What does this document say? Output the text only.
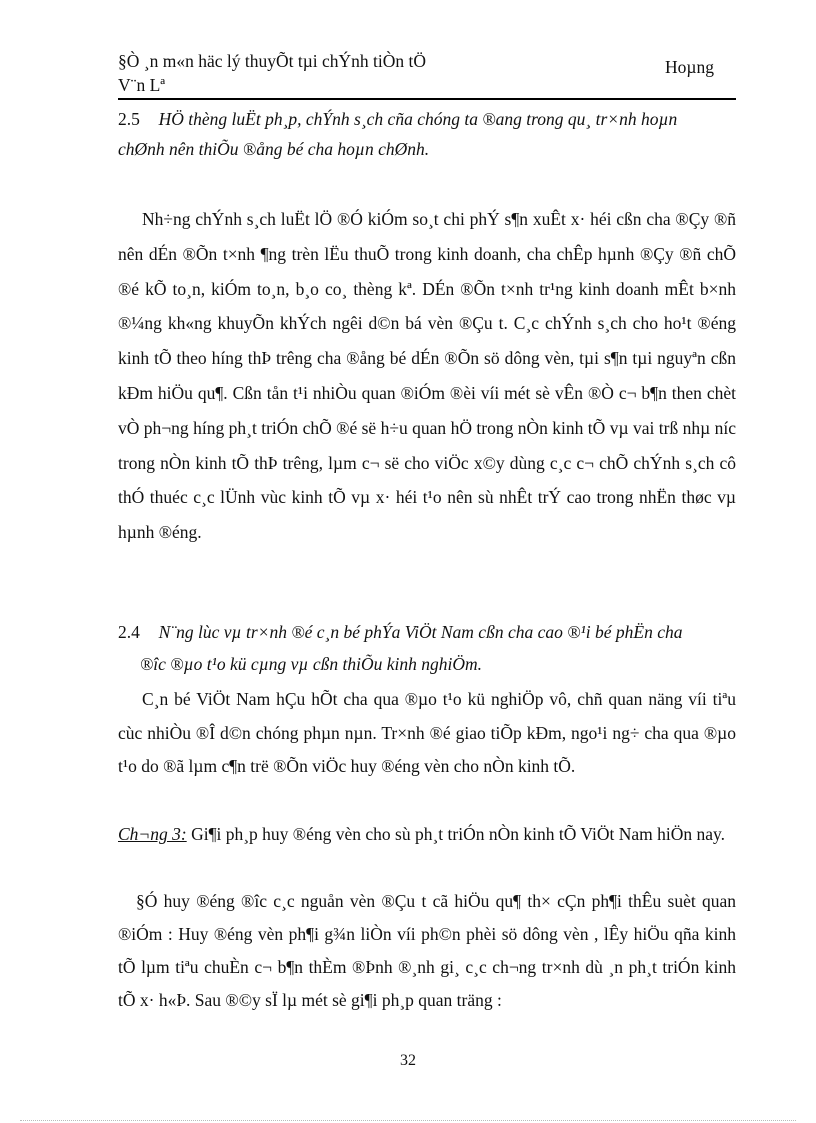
§Ò ¸n m«n häc lý thuyÕt tµi chÝnh tiÒn tÖ	Hoµng
V¨n Lª
2.5 HÖ thèng luËt ph¸p, chÝnh s¸ch cña chóng ta ®ang trong qu¸ tr×nh hoµn
chØnh nên thiÕu ®ång bé cha hoµn chØnh.

Nh÷ng chÝnh s¸ch luËt lÖ ®Ó kiÓm so¸t chi phÝ s¶n xuÊt x· héi cßn cha ®Çy ®ñ nên dÉn ®Õn t×nh ¶ng trèn lËu thuÕ trong kinh doanh, cha chÊp hµnh ®Çy ®ñ chÕ ®é kÕ to¸n, kiÓm to¸n, b¸o co¸ thèng kª. DÉn ®Õn t×nh tr¹ng kinh doanh mÊt b×nh ®¼ng kh«ng khuyÕn khÝch ngêi d©n bá vèn ®Çu t. C¸c chÝnh s¸ch cho ho¹t ®éng kinh tÕ theo híng thÞ trêng cha ®ång bé dÉn ®Õn sö dông vèn, tµi s¶n tµi nguyªn cßn kÐm hiÖu qu¶. Cßn tån t¹i nhiÒu quan ®iÓm ®èi víi mét sè vÊn ®Ò c¬ b¶n then chèt vÒ ph¬ng híng ph¸t triÓn chÕ ®é së h÷u quan hÖ trong nÒn kinh tÕ vµ vai trß nhµ níc trong nÒn kinh tÕ thÞ trêng, lµm c¬ së cho viÖc x©y dùng c¸c c¬ chÕ chÝnh s¸ch cô thÓ thuéc c¸c lÜnh vùc kinh tÕ vµ x· héi t¹o nên sù nhÊt trÝ cao trong nhËn thøc vµ hµnh ®éng.

2.4 N¨ng lùc vµ tr×nh ®é c¸n bé phÝa ViÖt Nam cßn cha cao ®¹i bé phËn cha
®îc ®µo t¹o kü cµng vµ cßn thiÕu kinh nghiÖm.

C¸n bé ViÖt Nam hÇu hÕt cha qua ®µo t¹o kü nghiÖp vô, chñ quan näng víi tiªu cùc nhiÒu ®Î d©n chóng phµn nµn. Tr×nh ®é giao tiÕp kÐm, ngo¹i ng÷ cha qua ®µo t¹o do ®ã lµm c¶n trë ®Õn viÖc huy ®éng vèn cho nÒn kinh tÕ.

Ch¬ng 3: Gi¶i ph¸p huy ®éng vèn cho sù ph¸t triÓn nÒn kinh tÕ ViÖt Nam hiÖn nay.

§Ó huy ®éng ®îc c¸c nguån vèn ®Çu t cã hiÖu qu¶ th× cÇn ph¶i thÊu suèt quan ®iÓm : Huy ®éng vèn ph¶i g¾n liÒn víi ph©n phèi sö dông vèn , lÊy hiÖu qña kinh tÕ lµm tiªu chuÈn c¬ b¶n thÈm ®Þnh ®¸nh gi¸ c¸c ch¬ng tr×nh dù ¸n ph¸t triÓn kinh tÕ x· h«Þ. Sau ®©y sÏ lµ mét sè gi¶i ph¸p quan träng :

32
